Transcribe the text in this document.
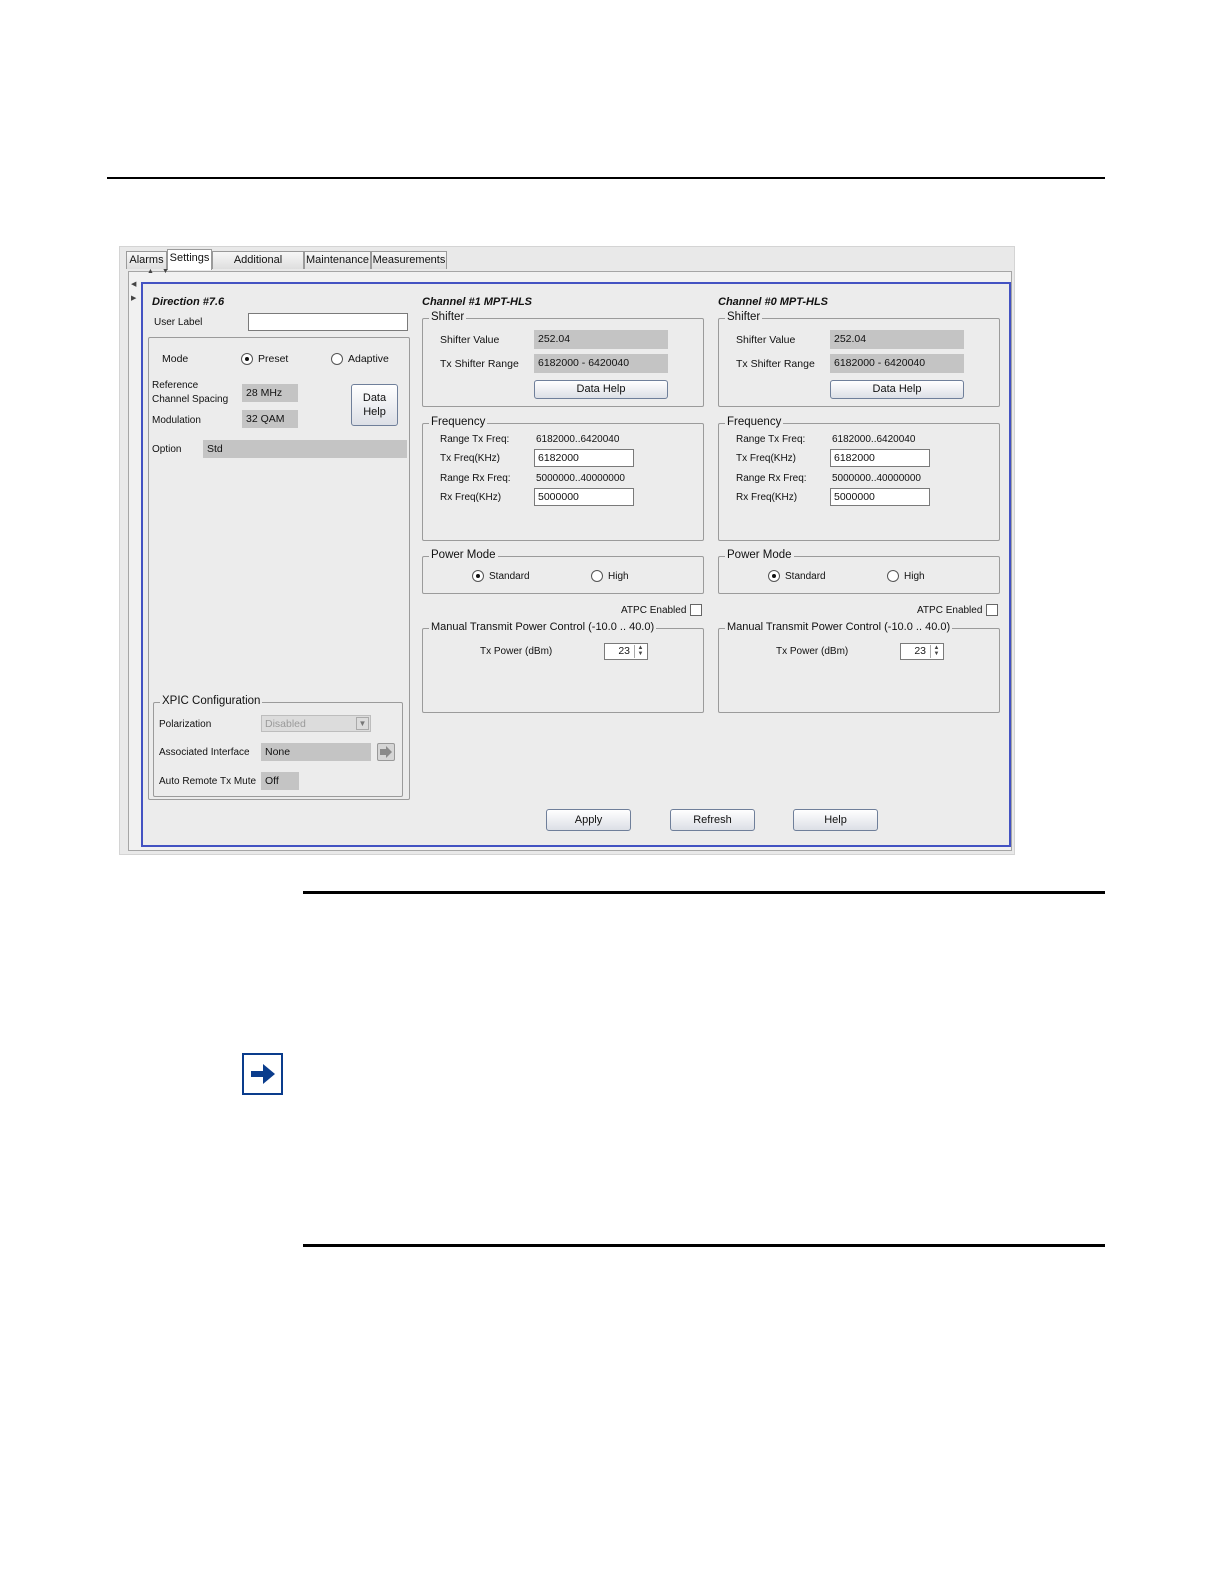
Alarms Settings	Additional	Maintenance Measurements
▲ ▼
◀
▶ Direction #7.6
User Label
Mode	Preset	Adaptive
Reference
Channel Spacing
28 MHz
Modulation	32 QAM
Data
Help
Option	Std
XPIC Configuration
Polarization	Disabled	▼
Associated Interface	None
Auto Remote Tx Mute Off
Channel #1 MPT-HLS
Shifter
Shifter Value	252.04
Tx Shifter Range	6182000 - 6420040
Data Help
Frequency
Range Tx Freq:	6182000..6420040
Tx Freq(KHz)	6182000
Range Rx Freq:	5000000..40000000
Rx Freq(KHz)	5000000
Power Mode
Standard	High
ATPC Enabled
Manual Transmit Power Control (-10.0 .. 40.0)
Tx Power (dBm)	23	▲
▼
Channel #0 MPT-HLS
Shifter
Shifter Value	252.04
Tx Shifter Range	6182000 - 6420040
Data Help
Frequency
Range Tx Freq:	6182000..6420040
Tx Freq(KHz)	6182000
Range Rx Freq:	5000000..40000000
Rx Freq(KHz)	5000000
Power Mode
Standard	High
ATPC Enabled
Manual Transmit Power Control (-10.0 .. 40.0)
Tx Power (dBm)	23	▲
▼
Apply	Refresh	Help
